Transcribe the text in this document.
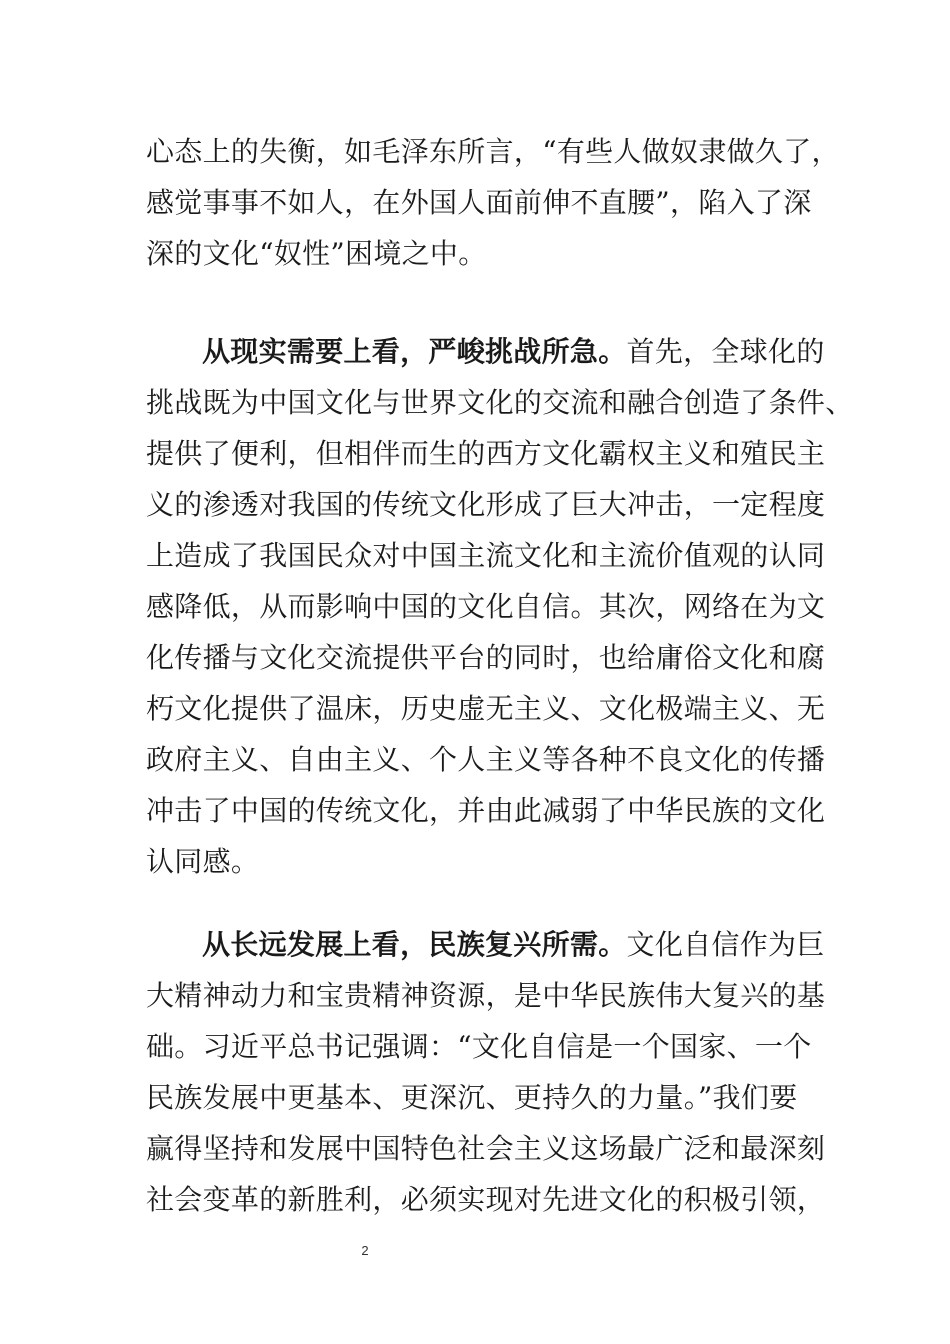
心态上的失衡，如毛泽东所言，“有些人做奴隶做久了，
感觉事事不如人，在外国人面前伸不直腰”，陷入了深
深的文化“奴性”困境之中。
从现实需要上看，严峻挑战所急。首先，全球化的
挑战既为中国文化与世界文化的交流和融合创造了条件、
提供了便利，但相伴而生的西方文化霸权主义和殖民主
义的渗透对我国的传统文化形成了巨大冲击，一定程度
上造成了我国民众对中国主流文化和主流价值观的认同
感降低，从而影响中国的文化自信。其次，网络在为文
化传播与文化交流提供平台的同时，也给庸俗文化和腐
朽文化提供了温床，历史虚无主义、文化极端主义、无
政府主义、自由主义、个人主义等各种不良文化的传播
冲击了中国的传统文化，并由此减弱了中华民族的文化
认同感。
从长远发展上看，民族复兴所需。文化自信作为巨
大精神动力和宝贵精神资源，是中华民族伟大复兴的基
础。习近平总书记强调：“文化自信是一个国家、一个
民族发展中更基本、更深沉、更持久的力量。”我们要
赢得坚持和发展中国特色社会主义这场最广泛和最深刻
社会变革的新胜利，必须实现对先进文化的积极引领，
2
